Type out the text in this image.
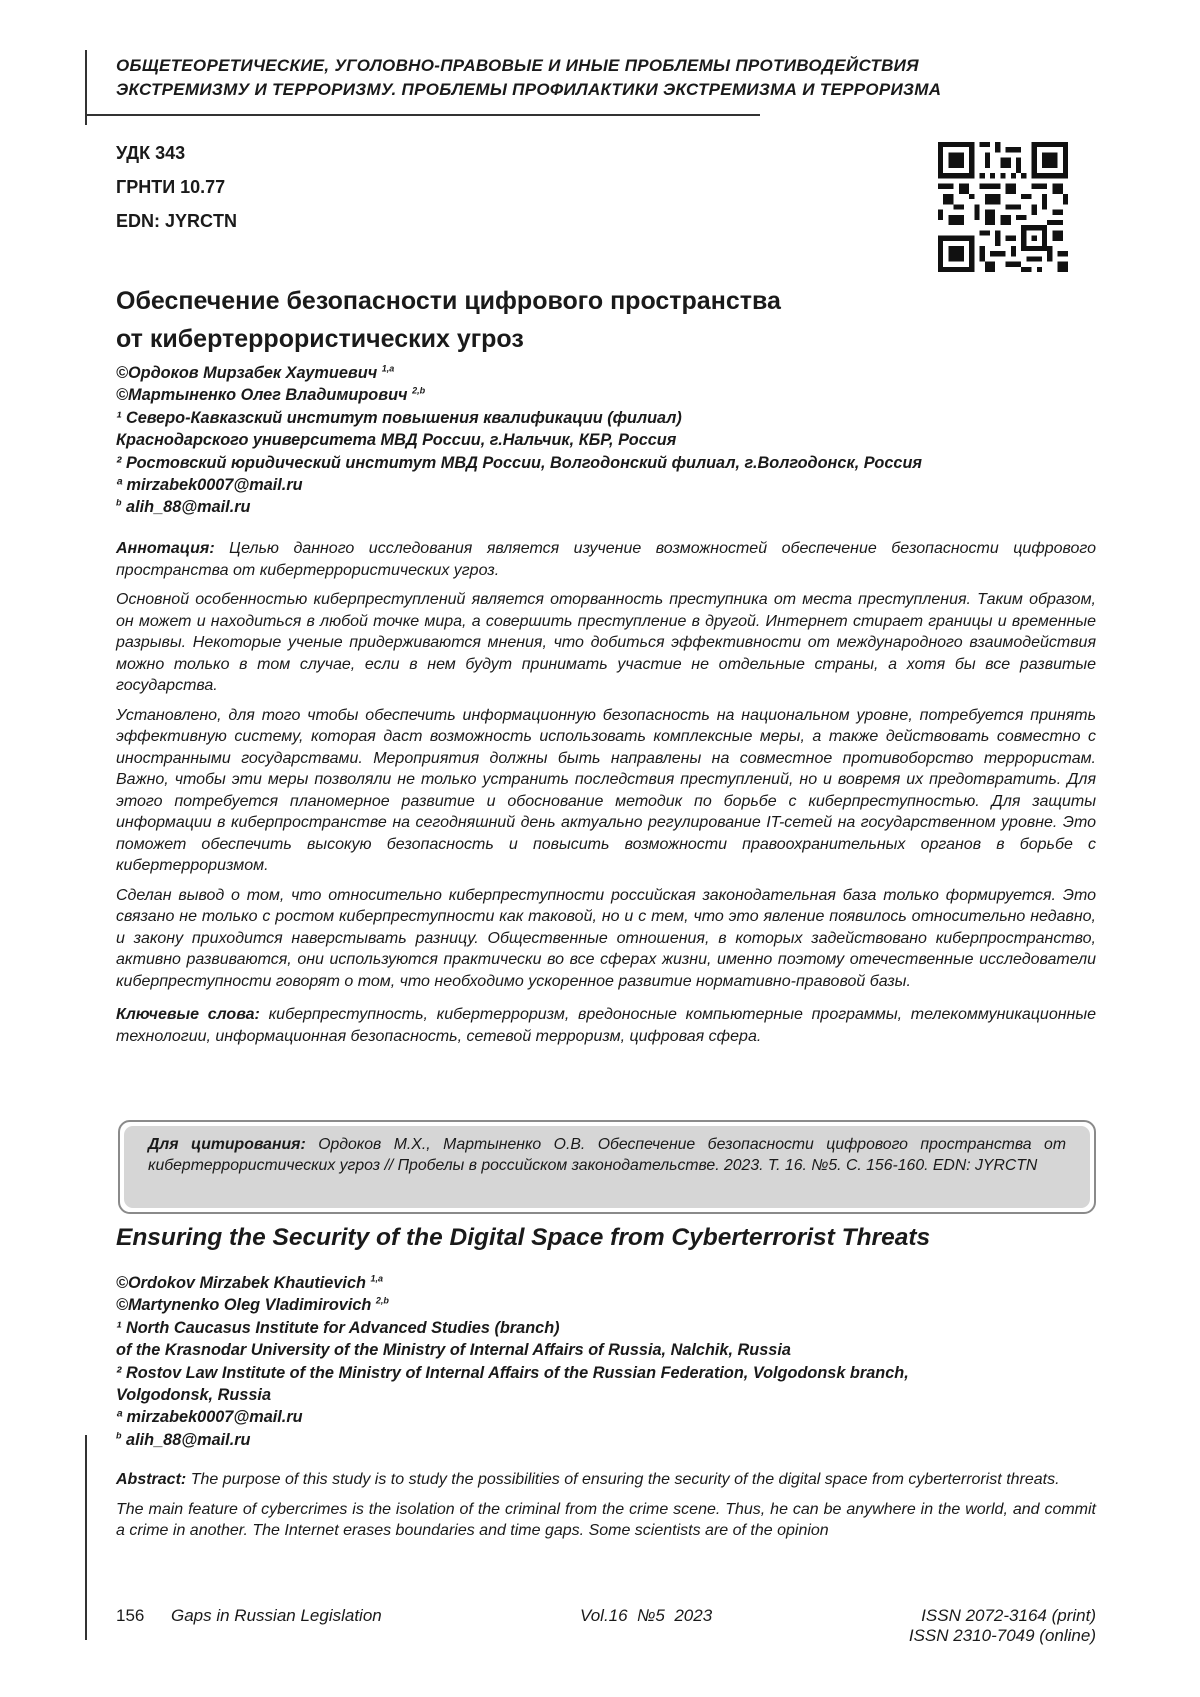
ОБЩЕТЕОРЕТИЧЕСКИЕ, УГОЛОВНО-ПРАВОВЫЕ И ИНЫЕ ПРОБЛЕМЫ ПРОТИВОДЕЙСТВИЯ
ЭКСТРЕМИЗМУ И ТЕРРОРИЗМУ. ПРОБЛЕМЫ ПРОФИЛАКТИКИ ЭКСТРЕМИЗМА И ТЕРРОРИЗМА
УДК 343
ГРНТИ 10.77
EDN: JYRCTN
Обеспечение безопасности цифрового пространства
от кибертеррористических угроз
©Ордоков Мирзабек Хаутиевич 1,a
©Мартыненко Олег Владимирович 2,b
¹ Северо-Кавказский институт повышения квалификации (филиал)
Краснодарского университета МВД России, г.Нальчик, КБР, Россия
² Ростовский юридический институт МВД России, Волгодонский филиал, г.Волгодонск, Россия
ª mirzabek0007@mail.ru
b alih_88@mail.ru

Аннотация: Целью данного исследования является изучение возможностей обеспечение безопасности цифрового пространства от кибертеррористических угроз.

Основной особенностью киберпреступлений является оторванность преступника от места преступления. Таким образом, он может и находиться в любой точке мира, а совершить преступление в другой. Интернет стирает границы и временные разрывы. Некоторые ученые придерживаются мнения, что добиться эффективности от международного взаимодействия можно только в том случае, если в нем будут принимать участие не отдельные страны, а хотя бы все развитые государства.

Установлено, для того чтобы обеспечить информационную безопасность на национальном уровне, потребуется принять эффективную систему, которая даст возможность использовать комплексные меры, а также действовать совместно с иностранными государствами. Мероприятия должны быть направлены на совместное противоборство террористам. Важно, чтобы эти меры позволяли не только устранить последствия преступлений, но и вовремя их предотвратить. Для этого потребуется планомерное развитие и обоснование методик по борьбе с киберпреступностью. Для защиты информации в киберпространстве на сегодняшний день актуально регулирование IT-сетей на государственном уровне. Это поможет обеспечить высокую безопасность и повысить возможности правоохранительных органов в борьбе с кибертерроризмом.

Сделан вывод о том, что относительно киберпреступности российская законодательная база только формируется. Это связано не только с ростом киберпреступности как таковой, но и с тем, что это явление появилось относительно недавно, и закону приходится наверстывать разницу. Общественные отношения, в которых задействовано киберпространство, активно развиваются, они используются практически во все сферах жизни, именно поэтому отечественные исследователи киберпреступности говорят о том, что необходимо ускоренное развитие нормативно-правовой базы.

Ключевые слова: киберпреступность, кибертерроризм, вредоносные компьютерные программы, телекоммуникационные технологии, информационная безопасность, сетевой терроризм, цифровая сфера.

Для цитирования: Ордоков М.Х., Мартыненко О.В. Обеспечение безопасности цифрового пространства от кибертеррористических угроз // Пробелы в российском законодательстве. 2023. Т. 16. №5. С. 156-160. EDN: JYRCTN
Ensuring the Security of the Digital Space from Cyberterrorist Threats
©Ordokov Mirzabek Khautievich 1,a
©Martynenko Oleg Vladimirovich 2,b
¹ North Caucasus Institute for Advanced Studies (branch)
of the Krasnodar University of the Ministry of Internal Affairs of Russia, Nalchik, Russia
² Rostov Law Institute of the Ministry of Internal Affairs of the Russian Federation, Volgodonsk branch,
Volgodonsk, Russia
ª mirzabek0007@mail.ru
b alih_88@mail.ru

Abstract: The purpose of this study is to study the possibilities of ensuring the security of the digital space from cyberterrorist threats.

The main feature of cybercrimes is the isolation of the criminal from the crime scene. Thus, he can be anywhere in the world, and commit a crime in another. The Internet erases boundaries and time gaps. Some scientists are of the opinion

156 Gaps in Russian Legislation	Vol.16  №5  2023	ISSN 2072-3164 (print)
ISSN 2310-7049 (online)
